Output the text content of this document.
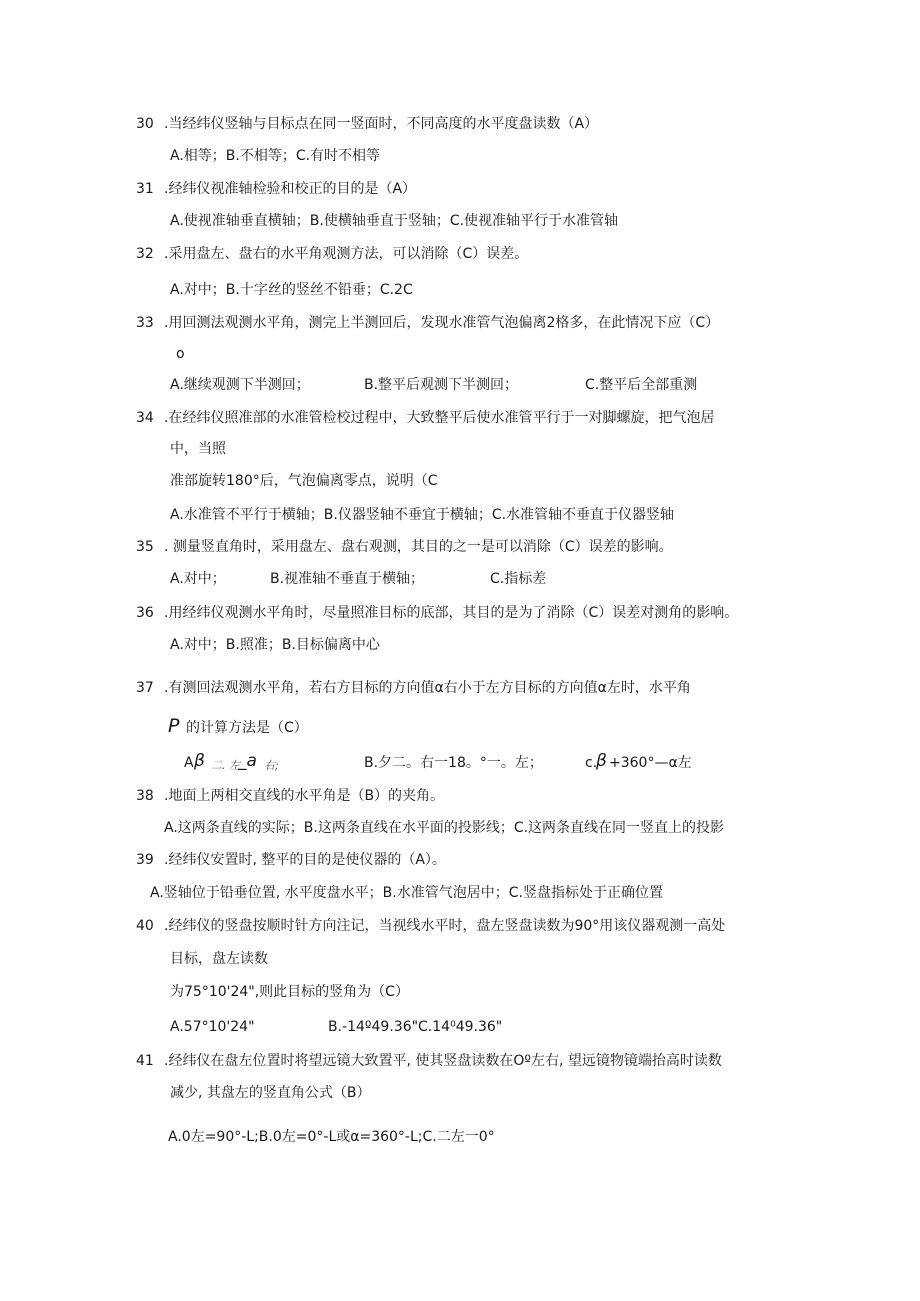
30 .当经纬仪竖轴与目标点在同一竖面时，不同高度的水平度盘读数（A）
A.相等；B.不相等；C.有时不相等
31 .经纬仪视准轴检验和校正的目的是（A）
A.使视准轴垂直横轴；B.使横轴垂直于竖轴；C.使视准轴平行于水准管轴
32 .采用盘左、盘右的水平角观测方法，可以消除（C）误差。
A.对中；B.十字丝的竖丝不铅垂；C.2C
33 .用回测法观测水平角，测完上半测回后，发现水准管气泡偏离2格多，在此情况下应（C）
o
A.继续观测下半测回；	B.整平后观测下半测回；	C.整平后全部重测
34 .在经纬仪照准部的水准管检校过程中，大致整平后使水准管平行于一对脚螺旋，把气泡居
中，当照
准部旋转180°后，气泡偏离零点，说明（C
A.水准管不平行于横轴；B.仪器竖轴不垂宜于横轴；C.水准管轴不垂直于仪器竖轴
35 . 测量竖直角时，采用盘左、盘右观测，其目的之一是可以消除（C）误差的影响。
A.对中；	B.视准轴不垂直于横轴；	C.指标差
36 .用经纬仪观测水平角时，尽量照准目标的底部，其目的是为了消除（C）误差对测角的影响。
A.对中；B.照准；B.目标偏离中心
37 .有测回法观测水平角，若右方目标的方向值α右小于左方目标的方向值α左时，水平角
P 的计算方法是（C）
A β 二. 左
_a 右;	B.夕二。右一18。°一。左；	c.
β +360°—α左
38 .地面上两相交直线的水平角是（B）的夹角。
A.这两条直线的实际；B.这两条直线在水平面的投影线；C.这两条直线在同一竖直上的投影
39 .经纬仪安置时, 整平的目的是使仪器的（A）。
A.竖轴位于铅垂位置, 水平度盘水平；B.水准管气泡居中；C.竖盘指标处于正确位置
40 .经纬仪的竖盘按顺时针方向注记，当视线水平时，盘左竖盘读数为90°用该仪器观测一高处
目标，盘左读数
为75°10'24",则此目标的竖角为（C）
A.57°10'24"	B.-14º49.36"C.14⁰49.36"
41 .经纬仪在盘左位置时将望远镜大致置平, 使其竖盘读数在Oº左右, 望远镜物镜端抬高时读数
减少, 其盘左的竖直角公式（B）
A.0左=90°-L;B.0左=0°-L或α=360°-L;C.二左一0°
